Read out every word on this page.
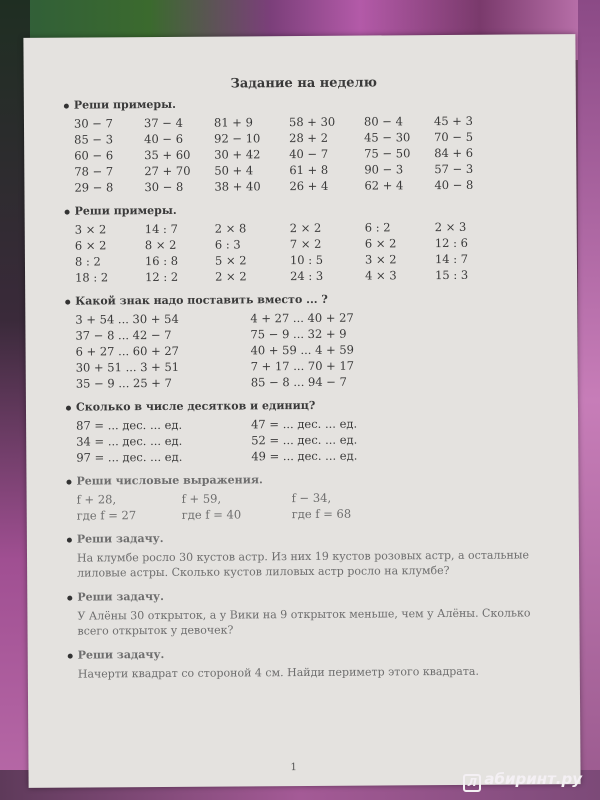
Задание на неделю
Реши примеры.
30 − 7	37 − 4	81 + 9	58 + 30	80 − 4	45 + 3
85 − 3	40 − 6	92 − 10	28 + 2	45 − 30	70 − 5
60 − 6	35 + 60	30 + 42	40 − 7	75 − 50	84 + 6
78 − 7	27 + 70	50 + 4	61 + 8	90 − 3	57 − 3
29 − 8	30 − 8	38 + 40	26 + 4	62 + 4	40 − 8
Реши примеры.
3 × 2	14 : 7	2 × 8	2 × 2	6 : 2	2 × 3
6 × 2	8 × 2	6 : 3	7 × 2	6 × 2	12 : 6
8 : 2	16 : 8	5 × 2	10 : 5	3 × 2	14 : 7
18 : 2	12 : 2	2 × 2	24 : 3	4 × 3	15 : 3
Какой знак надо поставить вместо ... ?
3 + 54 ... 30 + 54	4 + 27 ... 40 + 27
37 − 8 ... 42 − 7	75 − 9 ... 32 + 9
6 + 27 ... 60 + 27	40 + 59 ... 4 + 59
30 + 51 ... 3 + 51	7 + 17 ... 70 + 17
35 − 9 ... 25 + 7	85 − 8 ... 94 − 7
Сколько в числе десятков и единиц?
87 = ... дес. ... ед.	47 = ... дес. ... ед.
34 = ... дес. ... ед.	52 = ... дес. ... ед.
97 = ... дес. ... ед.	49 = ... дес. ... ед.
Реши числовые выражения.
f + 28,	f + 59,	f − 34,
где f = 27	где f = 40	где f = 68
Реши задачу.
На клумбе росло 30 кустов астр. Из них 19 кустов розовых астр, а остальные лиловые астры. Сколько кустов лиловых астр росло на клумбе?
Реши задачу.
У Алёны 30 открыток, а у Вики на 9 открыток меньше, чем у Алёны. Сколько всего открыток у девочек?
Реши задачу.
Начерти квадрат со стороной 4 см. Найди периметр этого квадрата.
1
Л абиринт.ру
